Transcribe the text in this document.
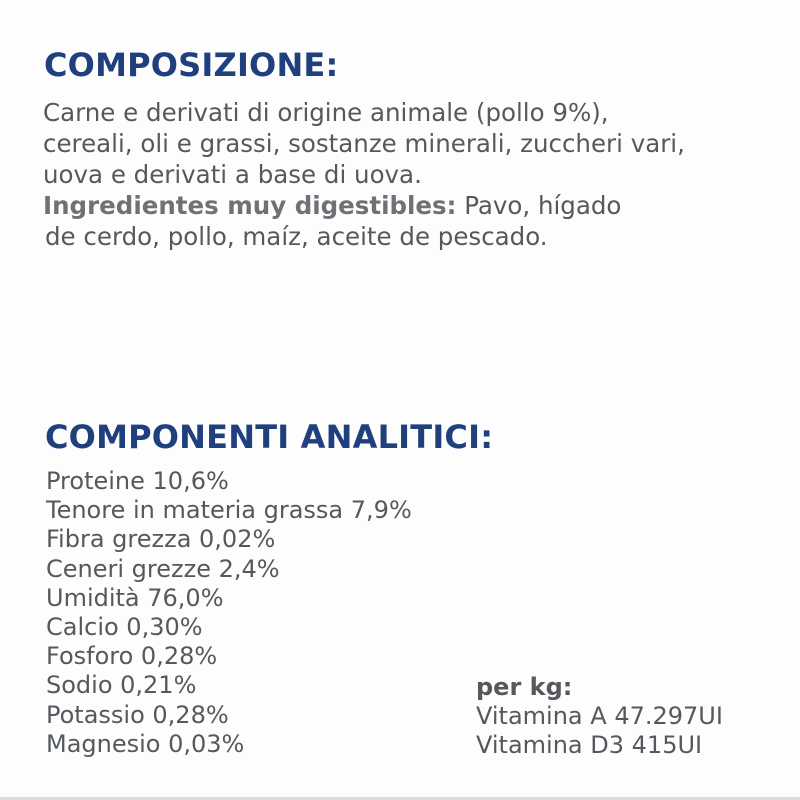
COMPOSIZIONE:
Carne e derivati di origine animale (pollo 9%),
cereali, oli e grassi, sostanze minerali, zuccheri vari,
uova e derivati a base di uova.
Ingredientes muy digestibles: Pavo, hígado
de cerdo, pollo, maíz, aceite de pescado.
COMPONENTI ANALITICI:
Proteine 10,6%
Tenore in materia grassa 7,9%
Fibra grezza 0,02%
Ceneri grezze 2,4%
Umidità 76,0%
Calcio 0,30%
Fosforo 0,28%
Sodio 0,21%
Potassio 0,28%
Magnesio 0,03%
per kg:
Vitamina A 47.297UI
Vitamina D3 415UI
